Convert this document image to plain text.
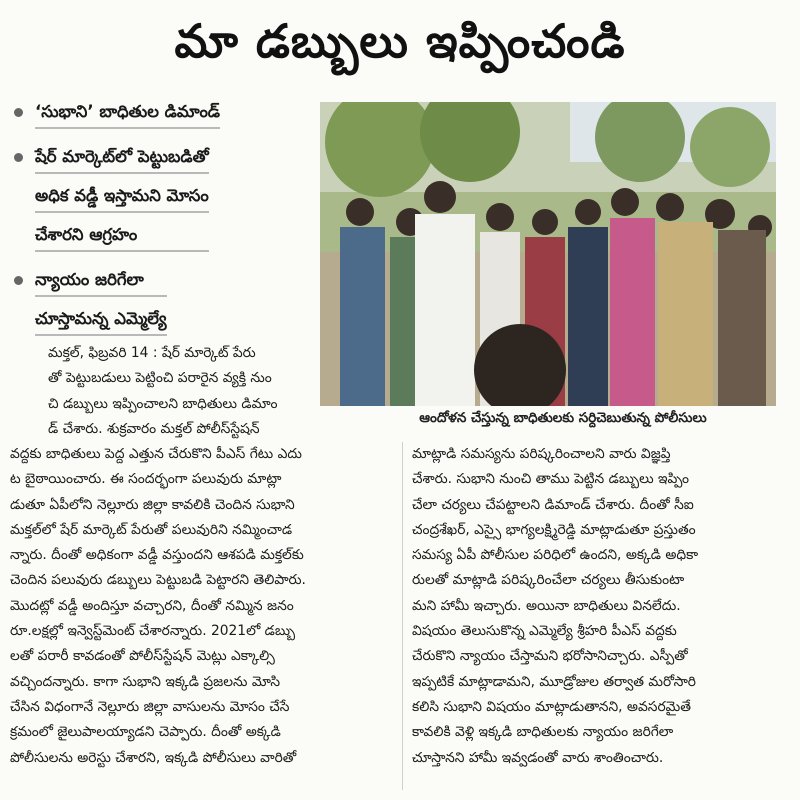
మా డబ్బులు ఇప్పించండి
‘సుభాని’ బాధితుల డిమాండ్
షేర్‌ మార్కెట్‌లో పెట్టుబడితో
అధిక వడ్డీ ఇస్తామని మోసం
చేశారని ఆగ్రహం
న్యాయం జరిగేలా
చూస్తామన్న ఎమ్మెల్యే
ఆందోళన చేస్తున్న బాధితులకు సర్దిచెబుతున్న పోలీసులు
మక్తల్‌, ఫిబ్రవరి 14 : షేర్‌ మార్కెట్‌ పేరు
తో పెట్టుబడులు పెట్టించి పరారైన వ్యక్తి నుం
చి డబ్బులు ఇప్పించాలని బాధితులు డిమాం
డ్‌ చేశారు. శుక్రవారం మక్తల్‌ పోలీస్‌స్టేషన్‌
వద్దకు బాధితులు పెద్ద ఎత్తున చేరుకొని పీఎస్‌ గేటు ఎదు
ట బైఠాయించారు. ఈ సందర్భంగా పలువురు మాట్లా
డుతూ ఏపీలోని నెల్లూరు జిల్లా కావలికి చెందిన సుభాని
మక్తల్‌లో షేర్‌ మార్కెట్‌ పేరుతో పలువురిని నమ్మించాడ
న్నారు. దీంతో అధికంగా వడ్డీ వస్తుందని ఆశపడి మక్తల్‌కు
చెందిన పలువురు డబ్బులు పెట్టుబడి పెట్టారని తెలిపారు.
మొదట్లో వడ్డీ అందిస్తూ వచ్చారని, దీంతో నమ్మిన జనం
రూ.లక్షల్లో ఇన్వెస్ట్‌మెంట్‌ చేశారన్నారు. 2021లో డబ్బు
లతో పరారీ కావడంతో పోలీస్‌స్టేషన్‌ మెట్లు ఎక్కాల్సి
వచ్చిందన్నారు. కాగా సుభాని ఇక్కడి ప్రజలను మోసి
చేసిన విధంగానే నెల్లూరు జిల్లా వాసులను మోసం చేసే
క్రమంలో జైలుపాలయ్యాడని చెప్పారు. దీంతో అక్కడి
పోలీసులను అరెస్టు చేశారని, ఇక్కడి పోలీసులు వారితో
మాట్లాడి సమస్యను పరిష్కరించాలని వారు విజ్ఞప్తి
చేశారు. సుభాని నుంచి తాము పెట్టిన డబ్బులు ఇప్పిం
చేలా చర్యలు చేపట్టాలని డిమాండ్‌ చేశారు. దీంతో సీఐ
చంద్రశేఖర్‌, ఎస్సై భాగ్యలక్ష్మిరెడ్డి మాట్లాడుతూ ప్రస్తుతం
సమస్య ఏపీ పోలీసుల పరిధిలో ఉందని, అక్కడి అధికా
రులతో మాట్లాడి పరిష్కరించేలా చర్యలు తీసుకుంటా
మని హామీ ఇచ్చారు. అయినా బాధితులు వినలేదు.
విషయం తెలుసుకొన్న ఎమ్మెల్యే శ్రీహరి పీఎస్‌ వద్దకు
చేరుకొని న్యాయం చేస్తామని భరోసానిచ్చారు. ఎస్పీతో
ఇప్పటికే మాట్లాడామని, మూడ్రోజుల తర్వాత మరోసారి
కలిసి సుభాని విషయం మాట్లాడుతానని, అవసరమైతే
కావలికి వెళ్లి ఇక్కడి బాధితులకు న్యాయం జరిగేలా
చూస్తానని హామీ ఇవ్వడంతో వారు శాంతించారు.
